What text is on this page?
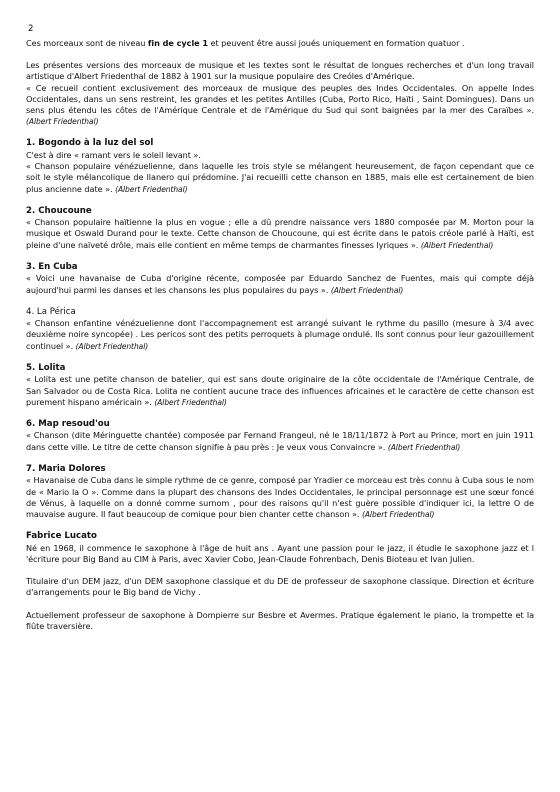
2

Ces morceaux sont de niveau fin de cycle 1 et peuvent être aussi joués uniquement en formation quatuor .

Les présentes versions des morceaux de musique et les textes sont le résultat de longues recherches et d'un long travail artistique d'Albert Friedenthal de 1882 à 1901 sur la musique populaire des Creóles d'Amérique.

« Ce recueil contient exclusivement des morceaux de musique des peuples des Indes Occidentales. On appelle Indes Occidentales, dans un sens restreint, les grandes et les petites Antilles (Cuba, Porto Rico, Haïti , Saint Domingues). Dans un sens plus étendu les côtes de l'Amérique Centrale et de l'Amérique du Sud qui sont baignées par la mer des Caraïbes ». (Albert Friedenthal)

1. Bogondo à la luz del sol

C'est à dire « ramant vers le soleil levant ».

« Chanson populaire vénézuelienne, dans laquelle les trois style se mélangent heureusement, de façon cependant que ce soit le style mélancolique de llanero qui prédomine. J'ai recueilli cette chanson en 1885, mais elle est certainement de bien plus ancienne date ». (Albert Friedenthal)

2. Choucoune

« Chanson populaire haïtienne la plus en vogue ; elle a dû prendre naissance vers 1880 composée par M. Morton pour la musique et Oswald Durand pour le texte. Cette chanson de Choucoune, qui est écrite dans le patois créole parlé à Haïti, est pleine d'une naïveté drôle, mais elle contient en même temps de charmantes finesses lyriques ». (Albert Friedenthal)

3. En Cuba

« Voici une havanaise de Cuba d'origine récente, composée par Eduardo Sanchez de Fuentes, mais qui compte déjà aujourd'hui parmi les danses et les chansons les plus populaires du pays ». (Albert Friedenthal)

4. La Périca

« Chanson enfantine vénézuelienne dont l'accompagnement est arrangé suivant le rythme du pasillo (mesure à 3/4 avec deuxième noire syncopée) . Les pericos sont des petits perroquets à plumage ondulé. Ils sont connus pour leur gazouillement continuel ». (Albert Friedenthal)

5. Lolita

« Lolita est une petite chanson de batelier, qui est sans doute originaire de la côte occidentale de l'Amérique Centrale, de San Salvador ou de Costa Rica. Lolita ne contient aucune trace des influences africaines et le caractère de cette chanson est purement hispano américain ». (Albert Friedenthal)

6. Map resoud'ou

« Chanson (dite Méringuette chantée) composée par Fernand Frangeul, né le 18/11/1872 à Port au Prince, mort en juin 1911 dans cette ville. Le titre de cette chanson signifie à pau près : Je veux vous Convaincre ». (Albert Friedenthal)

7. Maria Dolores

« Havanaise de Cuba dans le simple rythme de ce genre, composé par Yradier ce morceau est très connu à Cuba sous le nom de « Mario la O ». Comme dans la plupart des chansons des Indes Occidentales, le principal personnage est une sœur foncé de Vénus, à laquelle on a donné comme surnom , pour des raisons qu'il n'est guère possible d'indiquer ici, la lettre O de mauvaise augure. Il faut beaucoup de comique pour bien chanter cette chanson ». (Albert Friedenthal)

Fabrice Lucato

Né en 1968, il commence le saxophone à l'âge de huit ans . Ayant une passion pour le jazz, il étudie le saxophone jazz et l 'écriture pour Big Band au CIM à Paris, avec Xavier Cobo, Jean-Claude Fohrenbach, Denis Bioteau et Ivan Julien.

Titulaire d'un DEM jazz, d'un DEM saxophone classique et du DE de professeur de saxophone classique. Direction et écriture d'arrangements pour le Big band de Vichy .

Actuellement professeur de saxophone à Dompierre sur Besbre et Avermes. Pratique également le piano, la trompette et la flûte traversière.
